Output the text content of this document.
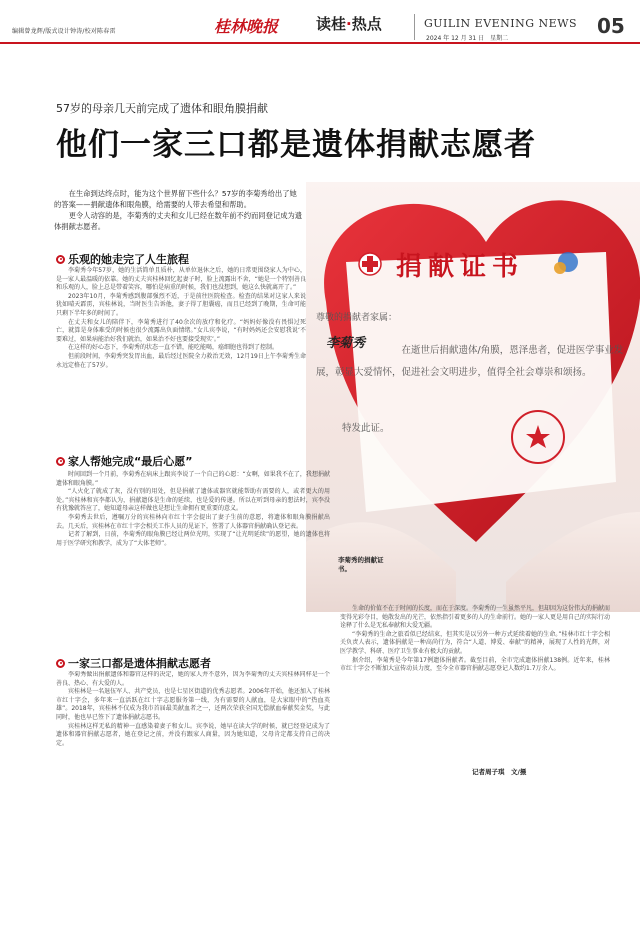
编辑曾龙辉/版式设计钟涛/校对陈春雷	桂林晚报	读桂·热点	GUILIN EVENING NEWS
2024 年 12 月 31 日　星期二
05
57岁的母亲几天前完成了遗体和眼角膜捐献
他们一家三口都是遗体捐献志愿者

在生命到达终点时，能为这个世界留下些什么？57岁的李菊秀给出了她的答案——捐献遗体和眼角膜，给需要的人带去希望和帮助。

更令人动容的是，李菊秀的丈夫和女儿已经在数年前不约而同登记成为遗体捐献志愿者。

捐献证书
尊敬的捐献者家属：
李菊秀	在逝世后捐献遗体/角膜，恩泽患者，促进医学事业发展，彰显大爱情怀，促进社会文明进步，值得全社会尊崇和颂扬。
特发此证。
李菊秀的捐献证书。
乐观的她走完了人生旅程

李菊秀今年57岁，她的生活简单且质朴，从单位退休之后，她的日常更围绕家人为中心，是一家人最温暖的依靠。她的丈夫宾桂林回忆起妻子时，脸上流露出不舍，“她是一个特别善良和乐观的人，脸上总是带着笑容，哪怕是病重的时候，我们也没想到，她这么快就离开了。”

2023年10月，李菊秀感到腹部强烈不适，于是前往医院检查。检查的结果对这家人来说犹如晴天霹雳，宾桂林说，当时医生告诉他，妻子得了胆囊癌，而且已经到了晚期，生命可能只剩下半年多的时间了。

在丈夫和女儿的陪伴下，李菊秀进行了40余次的放疗和化疗。“妈妈好像没有畏惧过死亡，就算是身体难受的时候也很少流露出负面情绪。”女儿宾李说，“有时妈妈还会安慰我说‘不要难过，如果病能治好我们就治，如果治不好也要接受现实’。”

在这样的好心态下，李菊秀的状态一直不错，能吃能喝，癌细胞也得到了控制。

但前段时间，李菊秀突发胃出血，最后经过医院全力救治无效，12月19日上午李菊秀生命永远定格在了57岁。

家人帮她完成“最后心愿”

时间回到一个月前，李菊秀在病床上跟宾李说了一个自己的心愿：“女啊，如果我不在了，我想捐献遗体和眼角膜。”

“人火化了就成了灰，没有别的用处，但是捐献了遗体或器官就能帮助有需要的人，或者更大的用处。”宾桂林和宾李都认为，捐献遗体是生命的延续，也是爱的传递。所以在听到母亲的想法时，宾李没有犹豫就答应了，她知道母亲这样做也是想让生命拥有更重要的意义。

李菊秀去世后，遵嘱万分的宾桂林向市红十字会提出了妻子生前的意愿，将遗体和眼角膜捐献出去。几天后，宾桂林在市红十字会相关工作人员的见证下，签署了人体器官捐献确认登记表。

记者了解到，日前，李菊秀的眼角膜已经让两位光明，实现了“让光明延续”的愿望，她的遗体也将用于医学研究和教学，成为了“大体老师”。

一家三口都是遗体捐献志愿者

李菊秀做出捐献遗体和器官这样的决定，她的家人并不意外，因为李菊秀的丈夫宾桂林同样是一个善良、热心、有大爱的人。

宾桂林是一名退伍军人、共产党员，也是七星区街道的优秀志愿者。2006年开始，他还加入了桂林市红十字会，多年来一直活跃在红十字志愿服务第一线，为有需要的人献血，是大家眼中的“热血英雄”。2018年，宾桂林不仅成为我市首届最美献血者之一，还两次荣获全国无偿献血奉献奖金奖，与此同时，他也早已签下了遗体捐献志愿书。

宾桂林这样无私的精神一直感染着妻子和女儿。宾李说，她早在读大学的时候，就已经登记成为了遗体和器官捐献志愿者，她在登记之前，并没有跟家人商量，因为她知道，父母肯定都支持自己的决定。

生命的价值不在于时间的长度，而在于深度。李菊秀的一生虽然平凡，但却因为这份伟大的捐献而变得光彩夺目，她散发出的光芒，依然指引着更多的人的生命前行。她的一家人更是用自己的实际行动诠释了什么是无私奉献和大爱无疆。

“李菊秀的生命之旅看似已经结束，但其实是以另外一种方式延续着她的生命。”桂林市红十字会相关负责人表示，遗体捐献是一种高尚行为，符合“人道、博爱、奉献”的精神，展现了人性的光辉，对医学教学、科研、医疗卫生事业有极大的贡献。

据介绍，李菊秀是今年第17例遗体捐献者。截至目前，全市完成遗体捐献138例。近年来，桂林市红十字会不断加大宣传动员力度，至今全市器官捐献志愿登记人数约1.7万余人。

记者周子琪　文/摄
